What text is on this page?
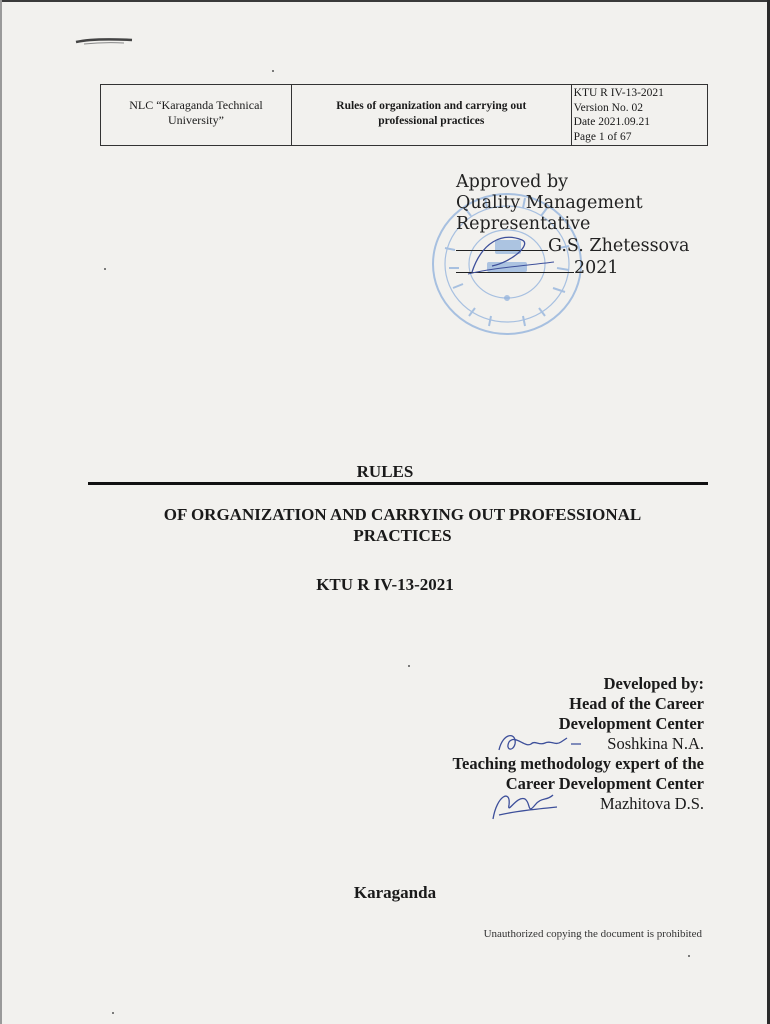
NLC “Karaganda Technical
University”

Rules of organization and carrying out
professional practices

KTU R IV-13-2021
Version No. 02
Date 2021.09.21
Page 1 of 67
Approved by
Quality Management
Representative
G.S. Zhetessova
2021
RULES
OF ORGANIZATION AND CARRYING OUT PROFESSIONAL PRACTICES
KTU R IV-13-2021
Developed by:
Head of the Career
Development Center
Soshkina N.A.
Teaching methodology expert of the
Career Development Center
Mazhitova D.S.
Karaganda
Unauthorized copying the document is prohibited
